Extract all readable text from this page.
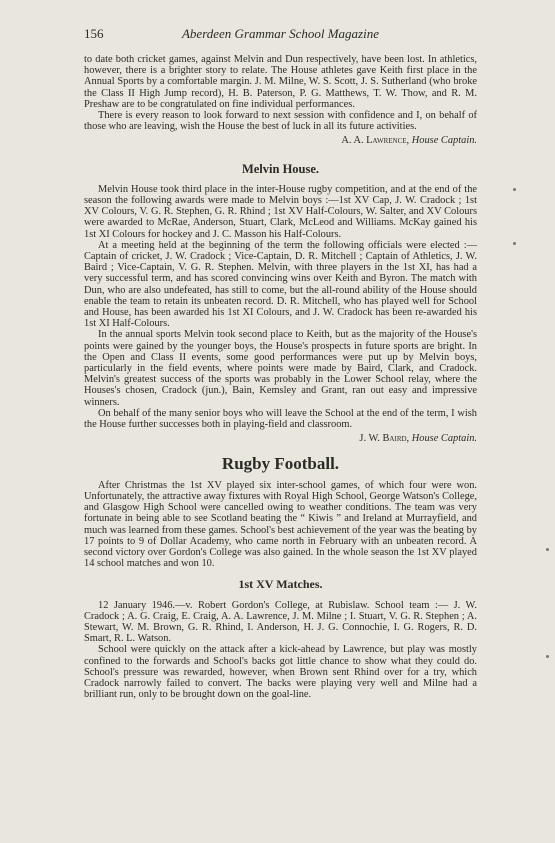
156	Aberdeen Grammar School Magazine

to date both cricket games, against Melvin and Dun respectively, have been lost. In athletics, however, there is a brighter story to relate. The House athletes gave Keith first place in the Annual Sports by a comfortable margin. J. M. Milne, W. S. Scott, J. S. Sutherland (who broke the Class II High Jump record), H. B. Paterson, P. G. Matthews, T. W. Thow, and R. M. Preshaw are to be congratulated on fine individual performances.

There is every reason to look forward to next session with confidence and I, on behalf of those who are leaving, wish the House the best of luck in all its future activities.

A. A. Lawrence, House Captain.
Melvin House.

Melvin House took third place in the inter-House rugby competition, and at the end of the season the following awards were made to Melvin boys :—1st XV Cap, J. W. Cradock ; 1st XV Colours, V. G. R. Stephen, G. R. Rhind ; 1st XV Half-Colours, W. Salter, and XV Colours were awarded to McRae, Anderson, Stuart, Clark, McLeod and Williams. McKay gained his 1st XI Colours for hockey and J. C. Masson his Half-Colours.

At a meeting held at the beginning of the term the following officials were elected :—Captain of cricket, J. W. Cradock ; Vice-Captain, D. R. Mitchell ; Captain of Athletics, J. W. Baird ; Vice-Captain, V. G. R. Stephen. Melvin, with three players in the 1st XI, has had a very successful term, and has scored convincing wins over Keith and Byron. The match with Dun, who are also undefeated, has still to come, but the all-round ability of the House should enable the team to retain its unbeaten record. D. R. Mitchell, who has played well for School and House, has been awarded his 1st XI Colours, and J. W. Cradock has been re-awarded his 1st XI Half-Colours.

In the annual sports Melvin took second place to Keith, but as the majority of the House's points were gained by the younger boys, the House's prospects in future sports are bright. In the Open and Class II events, some good performances were put up by Melvin boys, particularly in the field events, where points were made by Baird, Clark, and Cradock. Melvin's greatest success of the sports was probably in the Lower School relay, where the Houses's chosen, Cradock (jun.), Bain, Kemsley and Grant, ran out easy and impressive winners.

On behalf of the many senior boys who will leave the School at the end of the term, I wish the House further successes both in playing-field and classroom.

J. W. Baird, House Captain.
Rugby Football.

After Christmas the 1st XV played six inter-school games, of which four were won. Unfortunately, the attractive away fixtures with Royal High School, George Watson's College, and Glasgow High School were cancelled owing to weather conditions. The team was very fortunate in being able to see Scotland beating the “ Kiwis ” and Ireland at Murrayfield, and much was learned from these games. School's best achievement of the year was the beating by 17 points to 9 of Dollar Academy, who came north in February with an unbeaten record. A second victory over Gordon's College was also gained. In the whole season the 1st XV played 14 school matches and won 10.

1st XV Matches.

12 January 1946.—v. Robert Gordon's College, at Rubislaw. School team :— J. W. Cradock ; A. G. Craig, E. Craig, A. A. Lawrence, J. M. Milne ; I. Stuart, V. G. R. Stephen ; A. Stewart, W. M. Brown, G. R. Rhind, I. Anderson, H. J. G. Connochie, I. G. Rogers, R. D. Smart, R. L. Watson.

School were quickly on the attack after a kick-ahead by Lawrence, but play was mostly confined to the forwards and School's backs got little chance to show what they could do. School's pressure was rewarded, however, when Brown sent Rhind over for a try, which Cradock narrowly failed to convert. The backs were playing very well and Milne had a brilliant run, only to be brought down on the goal-line.
